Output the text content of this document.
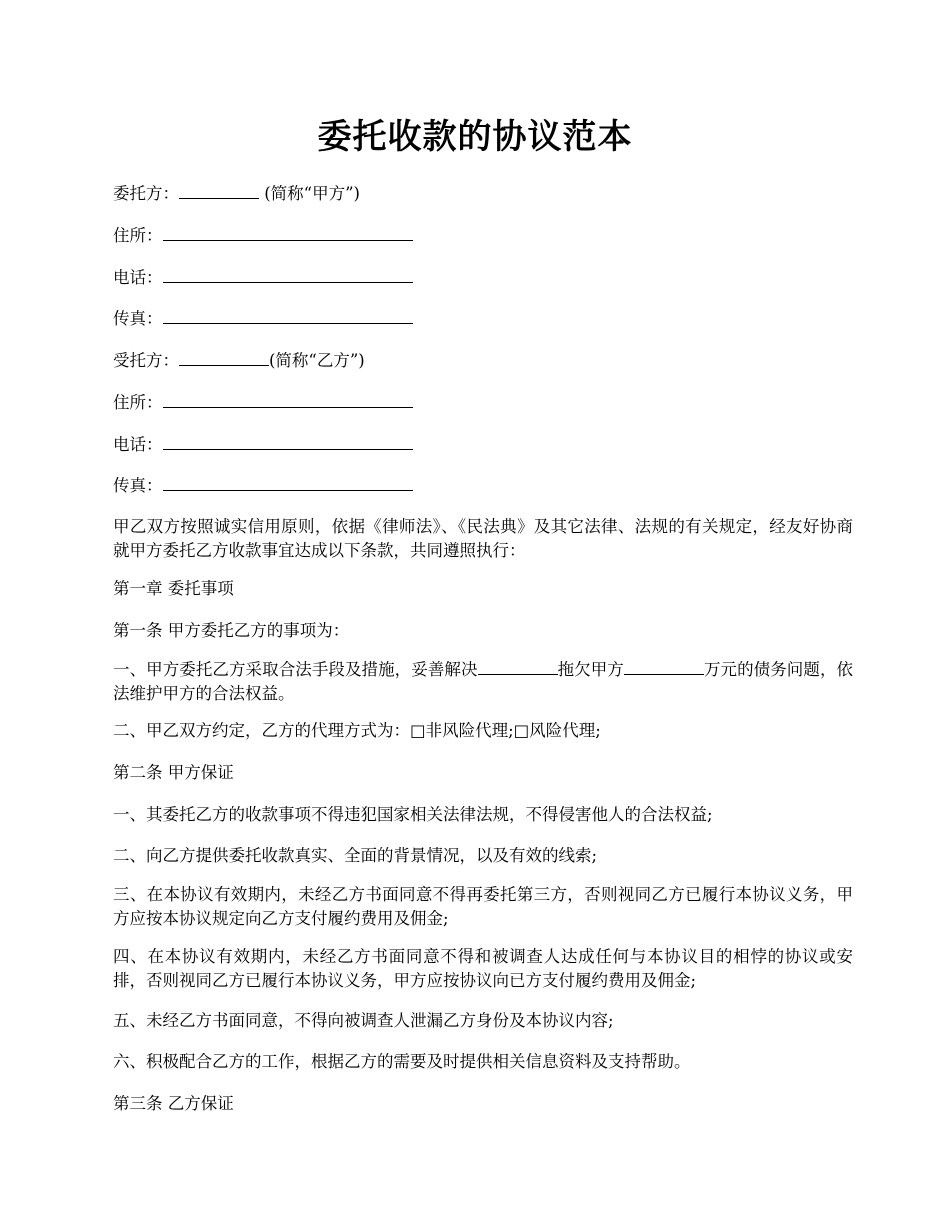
委托收款的协议范本
委托方：	(简称“甲方”)
住所：
电话：
传真：
受托方：	(简称“乙方”)
住所：
电话：
传真：
甲乙双方按照诚实信用原则，依据《律师法》、《民法典》及其它法律、法规的有关规定，经友好协商就甲方委托乙方收款事宜达成以下条款，共同遵照执行：
第一章 委托事项
第一条 甲方委托乙方的事项为：
一、甲方委托乙方采取合法手段及措施，妥善解决	拖欠甲方	万元的债务问题，依法维护甲方的合法权益。
二、甲乙双方约定，乙方的代理方式为：□非风险代理;□风险代理;
第二条 甲方保证
一、其委托乙方的收款事项不得违犯国家相关法律法规，不得侵害他人的合法权益;
二、向乙方提供委托收款真实、全面的背景情况，以及有效的线索;
三、在本协议有效期内，未经乙方书面同意不得再委托第三方，否则视同乙方已履行本协议义务，甲方应按本协议规定向乙方支付履约费用及佣金;
四、在本协议有效期内，未经乙方书面同意不得和被调查人达成任何与本协议目的相悖的协议或安排，否则视同乙方已履行本协议义务，甲方应按协议向已方支付履约费用及佣金;
五、未经乙方书面同意，不得向被调查人泄漏乙方身份及本协议内容;
六、积极配合乙方的工作，根据乙方的需要及时提供相关信息资料及支持帮助。
第三条 乙方保证
